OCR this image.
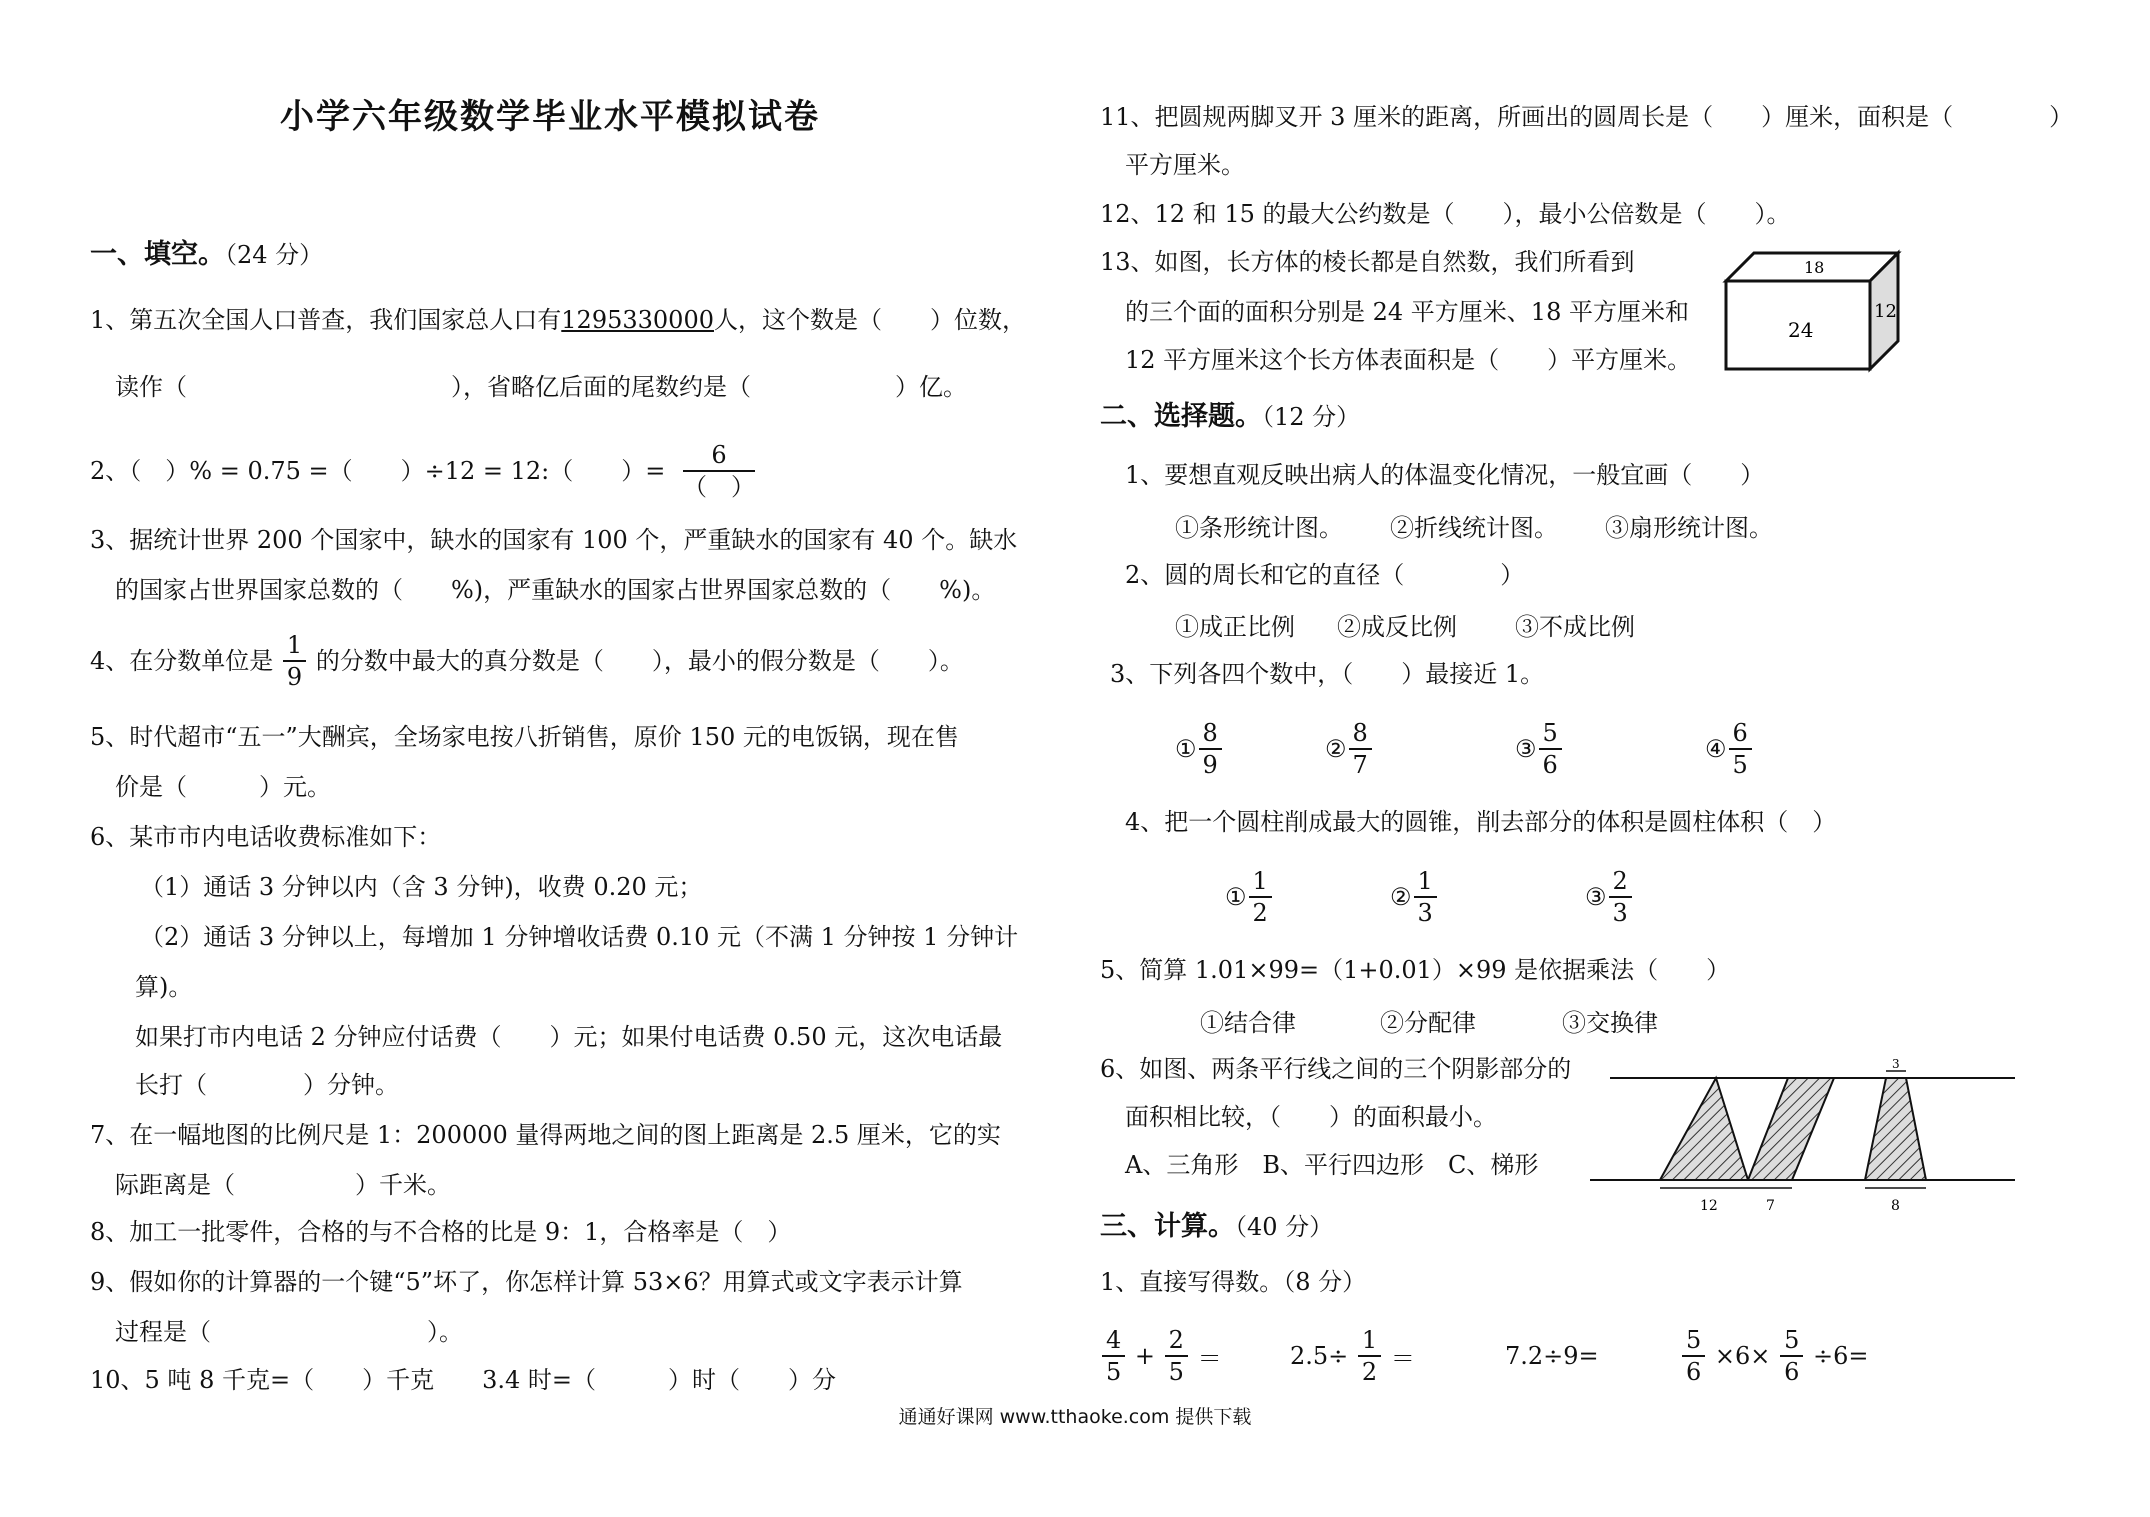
小学六年级数学毕业水平模拟试卷
一、填空。（24 分）
1、第五次全国人口普查，我们国家总人口有1295330000人，这个数是（　　）位数，
读作（　　　　　　　　　　　），省略亿后面的尾数约是（　　　　　　）亿。
2、（　）% = 0.75 =（　　）÷12 = 12:（　　）= $\frac{6}{( )}$
3、据统计世界 200 个国家中，缺水的国家有 100 个，严重缺水的国家有 40 个。缺水
的国家占世界国家总数的（　　%)，严重缺水的国家占世界国家总数的（　　%)。
4、在分数单位是 $\frac{1}{9}$ 的分数中最大的真分数是（　　），最小的假分数是（　　）。
5、时代超市“五一”大酬宾，全场家电按八折销售，原价 150 元的电饭锅，现在售
价是（　　　）元。
6、某市市内电话收费标准如下：
（1）通话 3 分钟以内（含 3 分钟)，收费 0.20 元；
（2）通话 3 分钟以上，每增加 1 分钟增收话费 0.10 元（不满 1 分钟按 1 分钟计
算)。
如果打市内电话 2 分钟应付话费（　　）元；如果付电话费 0.50 元，这次电话最
长打（　　　　）分钟。
7、在一幅地图的比例尺是 1：200000 量得两地之间的图上距离是 2.5 厘米，它的实
际距离是（　　　　　）千米。
8、加工一批零件，合格的与不合格的比是 9：1，合格率是（　）
9、假如你的计算器的一个键“5”坏了，你怎样计算 53×6？用算式或文字表示计算
过程是（　　　　　　　　　）。
10、5 吨 8 千克=（　　）千克　　3.4 时=（　　　）时（　　）分
11、把圆规两脚叉开 3 厘米的距离，所画出的圆周长是（　　）厘米，面积是（　　　　）
平方厘米。
12、12 和 15 的最大公约数是（　　），最小公倍数是（　　）。
13、如图，长方体的棱长都是自然数，我们所看到
的三个面的面积分别是 24 平方厘米、18 平方厘米和
12 平方厘米这个长方体表面积是（　　）平方厘米。
18
24
12
二、选择题。（12 分）
1、要想直观反映出病人的体温变化情况，一般宜画（　　）
①条形统计图。 ②折线统计图。 ③扇形统计图。
2、圆的周长和它的直径（　　　　）
①成正比例 ②成反比例 ③不成比例
3、下列各四个数中，（　　）最接近 1。
① $\frac{8}{9}$	② $\frac{8}{7}$	③ $\frac{5}{6}$	④ $\frac{6}{5}$
4、把一个圆柱削成最大的圆锥，削去部分的体积是圆柱体积（　）
① $\frac{1}{2}$	② $\frac{1}{3}$	③ $\frac{2}{3}$
5、简算 1.01×99=（1+0.01）×99 是依据乘法（　　）
①结合律	②分配律	③交换律
6、如图、两条平行线之间的三个阴影部分的
面积相比较，（　　）的面积最小。
A、三角形　B、平行四边形　C、梯形
12	7	8
3
三、计算。（40 分）
1、直接写得数。（8 分）
$\frac{4}{5} + \frac{2}{5}$ ＝	$2.5\div \frac{1}{2}$ ＝	7.2÷9=	$\frac{5}{6} \times 6\times \frac{5}{6} \div 6=$
通通好课网 www.tthaoke.com 提供下载
